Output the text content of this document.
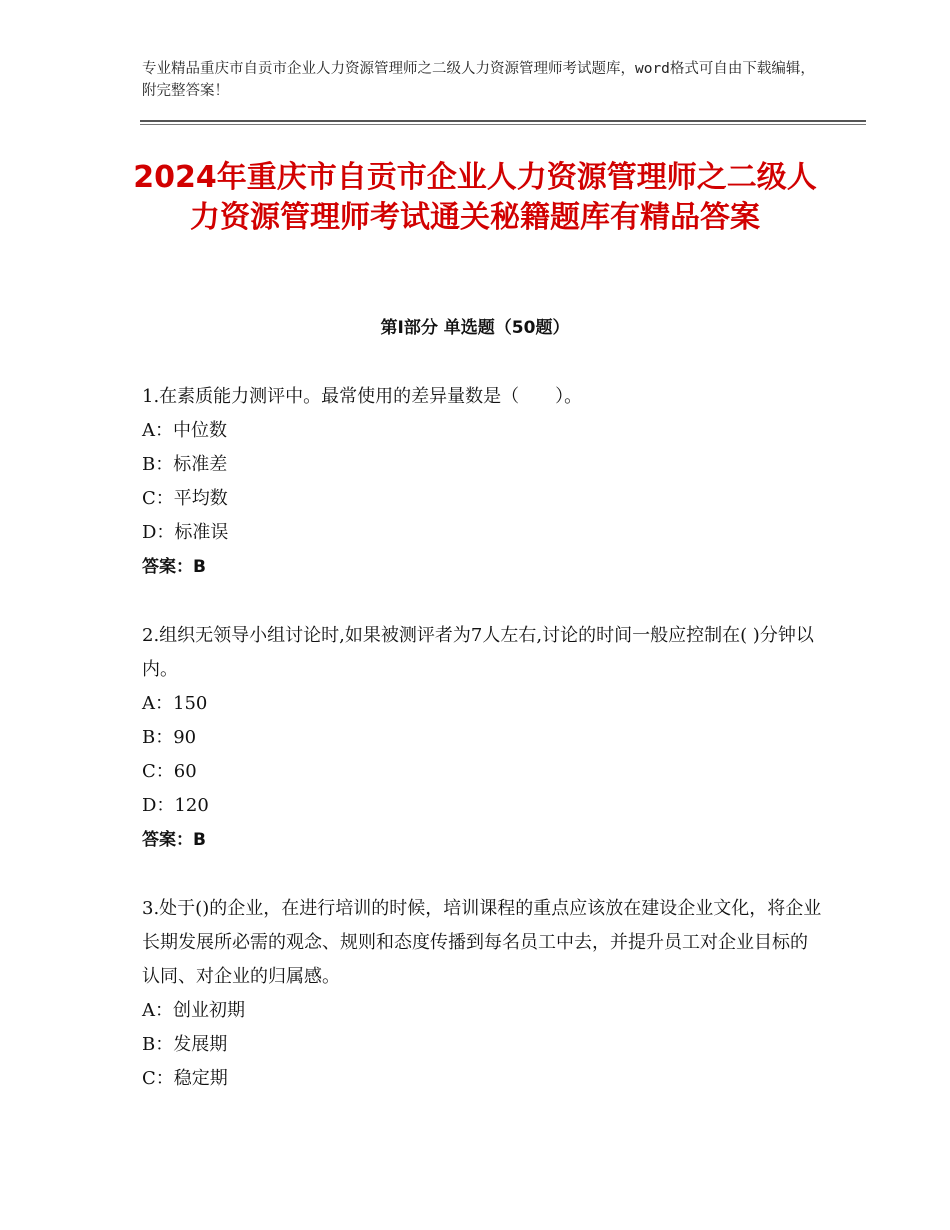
专业精品重庆市自贡市企业人力资源管理师之二级人力资源管理师考试题库，word格式可自由下载编辑，附完整答案！
2024年重庆市自贡市企业人力资源管理师之二级人力资源管理师考试通关秘籍题库有精品答案
第Ⅰ部分 单选题（50题）
1.在素质能力测评中。最常使用的差异量数是（　　）。
A：中位数
B：标准差
C：平均数
D：标准误
答案：B
2.组织无领导小组讨论时,如果被测评者为7人左右,讨论的时间一般应控制在( )分钟以内。
A：150
B：90
C：60
D：120
答案：B
3.处于()的企业，在进行培训的时候，培训课程的重点应该放在建设企业文化，将企业长期发展所必需的观念、规则和态度传播到每名员工中去，并提升员工对企业目标的认同、对企业的归属感。
A：创业初期
B：发展期
C：稳定期
